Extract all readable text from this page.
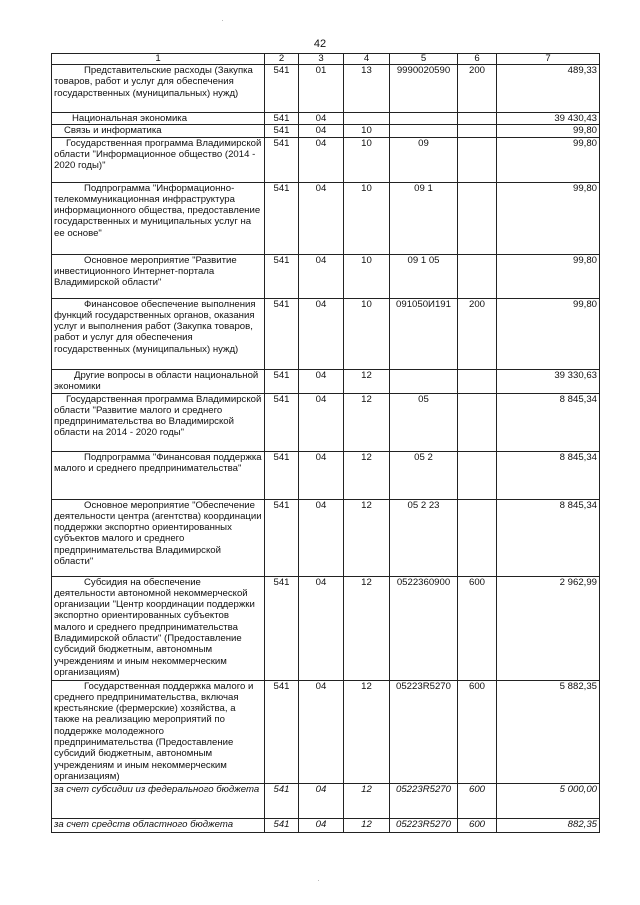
42
1	2	3	4	5	6	7

Представительские расходы (Закупка товаров, работ и услуг для обеспечения государственных (муниципальных) нужд)	541	01	13	9990020590	200	489,33

Национальная экономика	541	04				39 430,43

Связь и информатика	541	04	10			99,80

Государственная программа Владимирской области "Информационное общество (2014 - 2020 годы)"	541	04	10	09		99,80

Подпрограмма "Информационно-телекоммуникационная инфраструктура информационного общества, предоставление государственных и муниципальных услуг на ее основе"	541	04	10	09 1		99,80

Основное мероприятие "Развитие инвестиционного Интернет-портала Владимирской области"	541	04	10	09 1 05		99,80

Финансовое обеспечение выполнения функций государственных органов, оказания услуг и выполнения работ (Закупка товаров, работ и услуг для обеспечения государственных (муниципальных) нужд)	541	04	10	091050И191	200	99,80

Другие вопросы в области национальной экономики	541	04	12			39 330,63

Государственная программа Владимирской области "Развитие малого и среднего предпринимательства во Владимирской области на 2014 - 2020 годы"	541	04	12	05		8 845,34

Подпрограмма "Финансовая поддержка малого и среднего предпринимательства"	541	04	12	05 2		8 845,34

Основное мероприятие "Обеспечение деятельности центра (агентства) координации поддержки экспортно ориентированных субъектов малого и среднего предпринимательства Владимирской области"	541	04	12	05 2 23		8 845,34

Субсидия на обеспечение деятельности автономной некоммерческой организации "Центр координации поддержки экспортно ориентированных субъектов малого и среднего предпринимательства Владимирской области" (Предоставление субсидий бюджетным, автономным учреждениям и иным некоммерческим организациям)	541	04	12	0522360900	600	2 962,99

Государственная поддержка малого и среднего предпринимательства, включая крестьянские (фермерские) хозяйства, а также на реализацию мероприятий по поддержке молодежного предпринимательства (Предоставление субсидий бюджетным, автономным учреждениям и иным некоммерческим организациям)	541	04	12	05223R5270	600	5 882,35
за счет субсидии из федерального бюджета	541	04	12	05223R5270	600	5 000,00
за счет средств областного бюджета	541	04	12	05223R5270	600	882,35
